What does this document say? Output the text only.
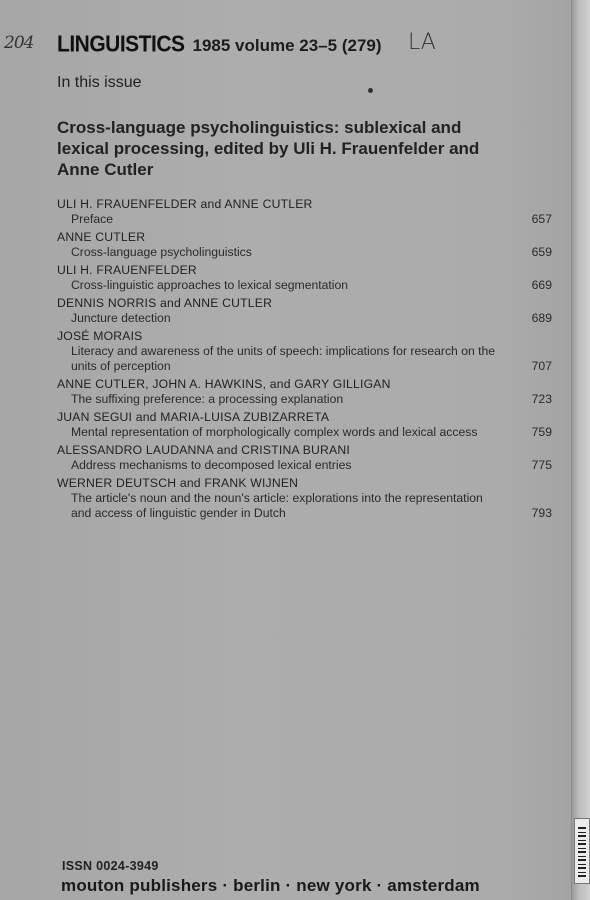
204	LA
LINGUISTICS 1985 volume 23–5 (279)
In this issue
Cross-language psycholinguistics: sublexical and lexical processing, edited by Uli H. Frauenfelder and Anne Cutler
ULI H. FRAUENFELDER and ANNE CUTLER
Preface	657
ANNE CUTLER
Cross-language psycholinguistics	659
ULI H. FRAUENFELDER
Cross-linguistic approaches to lexical segmentation	669
DENNIS NORRIS and ANNE CUTLER
Juncture detection	689
JOSÉ MORAIS
Literacy and awareness of the units of speech: implications for research on the units of perception	707
ANNE CUTLER, JOHN A. HAWKINS, and GARY GILLIGAN
The suffixing preference: a processing explanation	723
JUAN SEGUI and MARIA-LUISA ZUBIZARRETA
Mental representation of morphologically complex words and lexical access	759
ALESSANDRO LAUDANNA and CRISTINA BURANI
Address mechanisms to decomposed lexical entries	775
WERNER DEUTSCH and FRANK WIJNEN
The article's noun and the noun's article: explorations into the representation and access of linguistic gender in Dutch	793
ISSN 0024-3949
mouton publishers · berlin · new york · amsterdam
